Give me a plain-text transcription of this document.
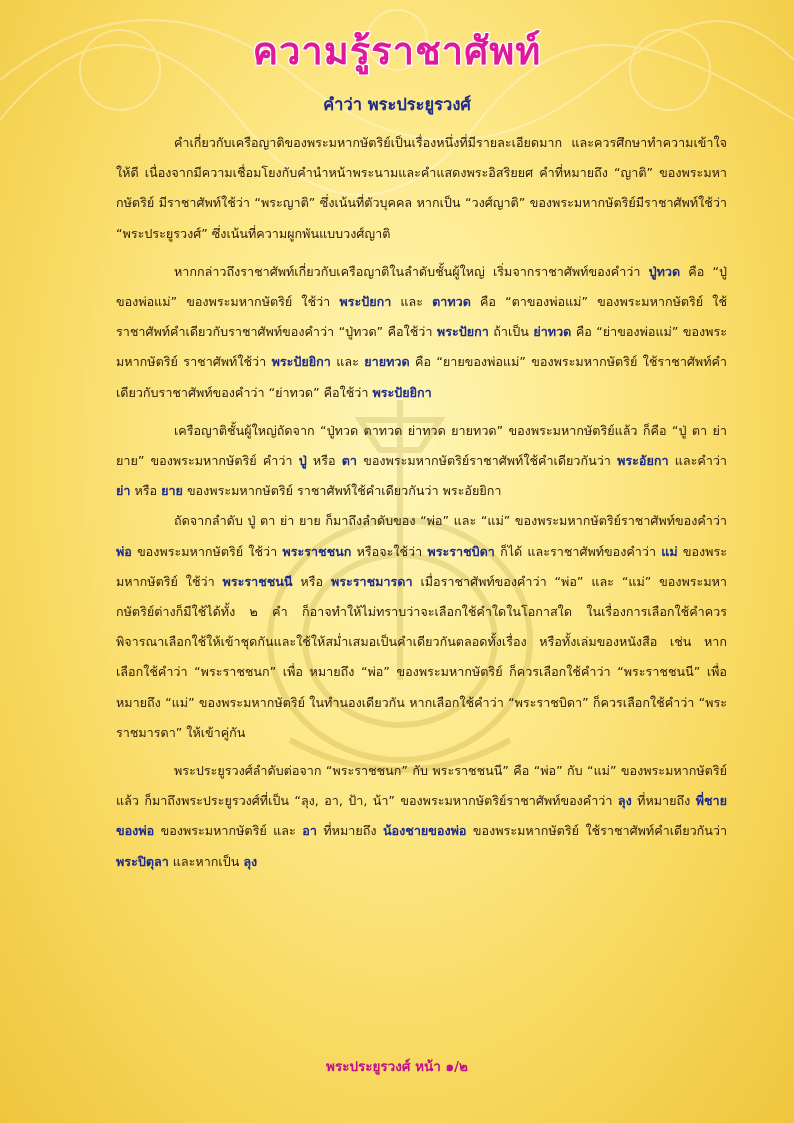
ความรู้ราชาศัพท์
คำว่า พระประยูรวงศ์

คำเกี่ยวกับเครือญาติของพระมหากษัตริย์เป็นเรื่องหนึ่งที่มีรายละเอียดมาก และควรศึกษาทำความเข้าใจให้ดี เนื่องจากมีความเชื่อมโยงกับคำนำหน้าพระนามและคำแสดงพระอิสริยยศ คำที่หมายถึง “ญาติ” ของพระมหากษัตริย์ มีราชาศัพท์ใช้ว่า “พระญาติ” ซึ่งเน้นที่ตัวบุคคล หากเป็น “วงศ์ญาติ” ของพระมหากษัตริย์มีราชาศัพท์ใช้ว่า “พระประยูรวงศ์” ซึ่งเน้นที่ความผูกพันแบบวงศ์ญาติ

หากกล่าวถึงราชาศัพท์เกี่ยวกับเครือญาติในลำดับชั้นผู้ใหญ่ เริ่มจากราชาศัพท์ของคำว่า ปู่ทวด คือ “ปู่ของพ่อแม่” ของพระมหากษัตริย์ ใช้ว่า พระปัยกา และ ตาทวด คือ “ตาของพ่อแม่” ของพระมหากษัตริย์ ใช้ราชาศัพท์คำเดียวกับราชาศัพท์ของคำว่า “ปู่ทวด” คือใช้ว่า พระปัยกา ถ้าเป็น ย่าทวด คือ “ย่าของพ่อแม่” ของพระมหากษัตริย์ ราชาศัพท์ใช้ว่า พระปัยยิกา และ ยายทวด คือ “ยายของพ่อแม่” ของพระมหากษัตริย์ ใช้ราชาศัพท์คำเดียวกับราชาศัพท์ของคำว่า “ย่าทวด” คือใช้ว่า พระปัยยิกา

เครือญาติชั้นผู้ใหญ่ถัดจาก “ปู่ทวด ตาทวด ย่าทวด ยายทวด” ของพระมหากษัตริย์แล้ว ก็คือ “ปู่ ตา ย่า ยาย” ของพระมหากษัตริย์ คำว่า ปู่ หรือ ตา ของพระมหากษัตริย์ราชาศัพท์ใช้คำเดียวกันว่า พระอัยกา และคำว่า ย่า หรือ ยาย ของพระมหากษัตริย์ ราชาศัพท์ใช้คำเดียวกันว่า พระอัยยิกา

ถัดจากลำดับ ปู่ ตา ย่า ยาย ก็มาถึงลำดับของ “พ่อ” และ “แม่” ของพระมหากษัตริย์ราชาศัพท์ของคำว่า พ่อ ของพระมหากษัตริย์ ใช้ว่า พระราชชนก หรือจะใช้ว่า พระราชบิดา ก็ได้ และราชาศัพท์ของคำว่า แม่ ของพระมหากษัตริย์ ใช้ว่า พระราชชนนี หรือ พระราชมารดา เมื่อราชาศัพท์ของคำว่า “พ่อ” และ “แม่” ของพระมหากษัตริย์ต่างก็มีใช้ได้ทั้ง ๒ คำ ก็อาจทำให้ไม่ทราบว่าจะเลือกใช้คำใดในโอกาสใด ในเรื่องการเลือกใช้คำควรพิจารณาเลือกใช้ให้เข้าชุดกันและใช้ให้สม่ำเสมอเป็นคำเดียวกันตลอดทั้งเรื่อง หรือทั้งเล่มของหนังสือ เช่น หากเลือกใช้คำว่า “พระราชชนก” เพื่อ หมายถึง “พ่อ” ของพระมหากษัตริย์ ก็ควรเลือกใช้คำว่า “พระราชชนนี” เพื่อหมายถึง “แม่” ของพระมหากษัตริย์ ในทำนองเดียวกัน หากเลือกใช้คำว่า “พระราชบิดา” ก็ควรเลือกใช้คำว่า “พระราชมารดา” ให้เข้าคู่กัน

พระประยูรวงศ์ลำดับต่อจาก “พระราชชนก” กับ พระราชชนนี” คือ “พ่อ” กับ “แม่” ของพระมหากษัตริย์แล้ว ก็มาถึงพระประยูรวงศ์ที่เป็น “ลุง, อา, ป้า, น้า” ของพระมหากษัตริย์ราชาศัพท์ของคำว่า ลุง ที่หมายถึง พี่ชายของพ่อ ของพระมหากษัตริย์ และ อา ที่หมายถึง น้องชายของพ่อ ของพระมหากษัตริย์ ใช้ราชาศัพท์คำเดียวกันว่า พระปิตุลา และหากเป็น ลุง

พระประยูรวงศ์ หน้า ๑/๒
